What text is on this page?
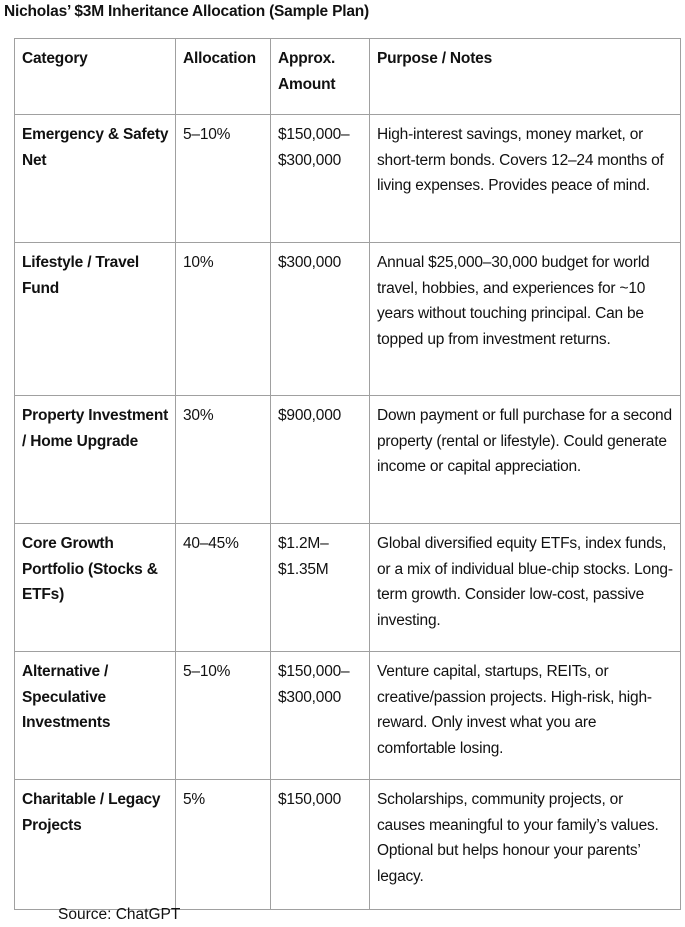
Nicholas’ $3M Inheritance Allocation (Sample Plan)
Category	Allocation	Approx. Amount	Purpose / Notes
Emergency & Safety Net	5–10%	$150,000– $300,000	High-interest savings, money market, or short-term bonds. Covers 12–24 months of living expenses. Provides peace of mind.
Lifestyle / Travel Fund	10%	$300,000	Annual $25,000–30,000 budget for world travel, hobbies, and experiences for ~10 years without touching principal. Can be topped up from investment returns.
Property Investment / Home Upgrade	30%	$900,000	Down payment or full purchase for a second property (rental or lifestyle). Could generate income or capital appreciation.
Core Growth Portfolio (Stocks & ETFs)	40–45%	$1.2M– $1.35M	Global diversified equity ETFs, index funds, or a mix of individual blue-chip stocks. Long-term growth. Consider low-cost, passive investing.
Alternative / Speculative Investments	5–10%	$150,000– $300,000	Venture capital, startups, REITs, or creative/passion projects. High-risk, high-reward. Only invest what you are comfortable losing.
Charitable / Legacy Projects	5%	$150,000	Scholarships, community projects, or causes meaningful to your family’s values. Optional but helps honour your parents’ legacy.
Source: ChatGPT
